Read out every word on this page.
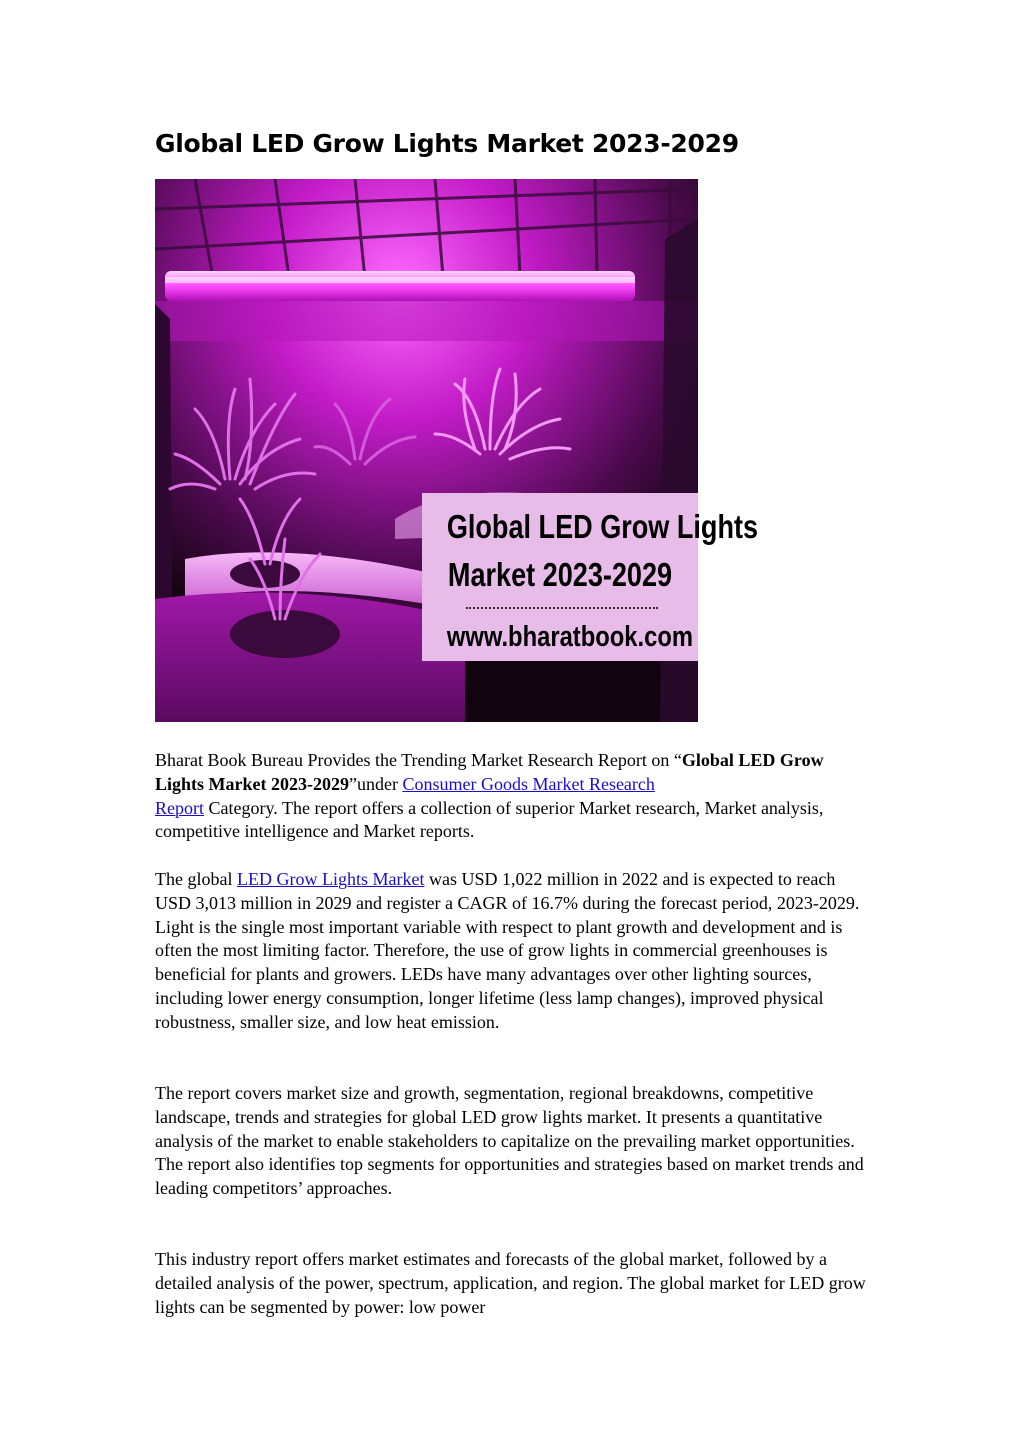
Global LED Grow Lights Market 2023-2029
Global LED Grow Lights
Market 2023-2029
www.bharatbook.com

Bharat Book Bureau Provides the Trending Market Research Report on “Global LED Grow Lights Market 2023-2029”under Consumer Goods Market Research
Report Category. The report offers a collection of superior Market research, Market analysis, competitive intelligence and Market reports.

The global LED Grow Lights Market was USD 1,022 million in 2022 and is expected to reach USD 3,013 million in 2029 and register a CAGR of 16.7% during the forecast period, 2023-2029. Light is the single most important variable with respect to plant growth and development and is often the most limiting factor. Therefore, the use of grow lights in commercial greenhouses is beneficial for plants and growers. LEDs have many advantages over other lighting sources, including lower energy consumption, longer lifetime (less lamp changes), improved physical robustness, smaller size, and low heat emission.

The report covers market size and growth, segmentation, regional breakdowns, competitive landscape, trends and strategies for global LED grow lights market. It presents a quantitative analysis of the market to enable stakeholders to capitalize on the prevailing market opportunities. The report also identifies top segments for opportunities and strategies based on market trends and leading competitors’ approaches.

This industry report offers market estimates and forecasts of the global market, followed by a detailed analysis of the power, spectrum, application, and region. The global market for LED grow lights can be segmented by power: low power
